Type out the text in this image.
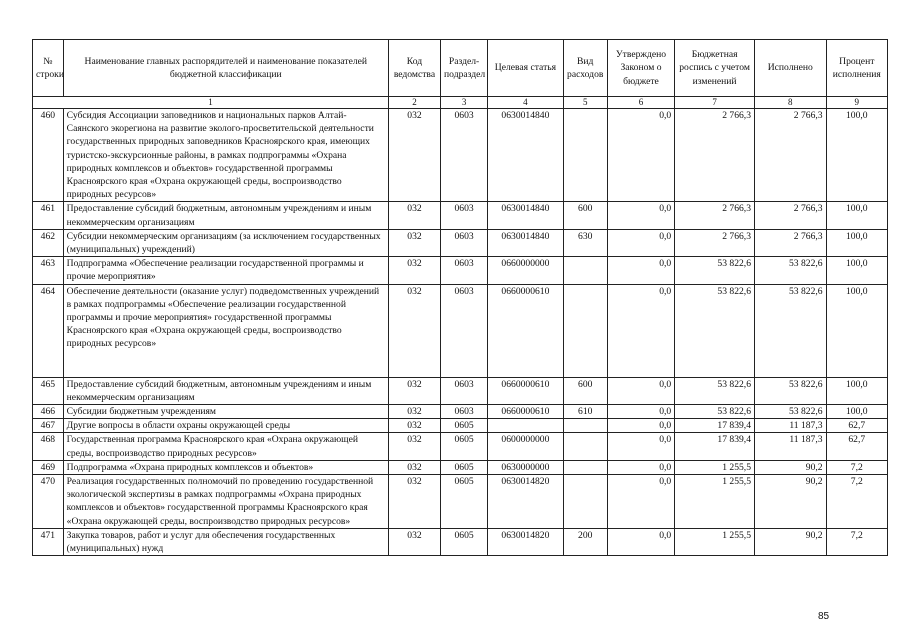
№ строки	Наименование главных распорядителей и наименование показателей бюджетной классификации	Код ведомства	Раздел-подраздел	Целевая статья	Вид расходов	Утверждено Законом о бюджете	Бюджетная роспись с учетом изменений	Исполнено	Процент исполнения
1		2	3	4	5	6	7	8	9
460	Субсидия Ассоциации заповедников и национальных парков Алтай-Саянского экорегиона на развитие эколого-просветительской деятельности государственных природных заповедников Красноярского края, имеющих туристско-экскурсионные районы, в рамках подпрограммы «Охрана природных комплексов и объектов» государственной программы Красноярского края «Охрана окружающей среды, воспроизводство природных ресурсов»	032	0603	0630014840		0,0	2 766,3	2 766,3	100,0
461	Предоставление субсидий бюджетным, автономным учреждениям и иным некоммерческим организациям	032	0603	0630014840	600	0,0	2 766,3	2 766,3	100,0
462	Субсидии некоммерческим организациям (за исключением государственных (муниципальных) учреждений)	032	0603	0630014840	630	0,0	2 766,3	2 766,3	100,0
463	Подпрограмма «Обеспечение реализации государственной программы и прочие мероприятия»	032	0603	0660000000		0,0	53 822,6	53 822,6	100,0
464	Обеспечение деятельности (оказание услуг) подведомственных учреждений в рамках подпрограммы «Обеспечение реализации государственной программы и прочие мероприятия» государственной программы Красноярского края «Охрана окружающей среды, воспроизводство природных ресурсов»	032	0603	0660000610		0,0	53 822,6	53 822,6	100,0
465	Предоставление субсидий бюджетным, автономным учреждениям и иным некоммерческим организациям	032	0603	0660000610	600	0,0	53 822,6	53 822,6	100,0
466	Субсидии бюджетным учреждениям	032	0603	0660000610	610	0,0	53 822,6	53 822,6	100,0
467	Другие вопросы в области охраны окружающей среды	032	0605			0,0	17 839,4	11 187,3	62,7
468	Государственная программа Красноярского края «Охрана окружающей среды, воспроизводство природных ресурсов»	032	0605	0600000000		0,0	17 839,4	11 187,3	62,7
469	Подпрограмма «Охрана природных комплексов и объектов»	032	0605	0630000000		0,0	1 255,5	90,2	7,2
470	Реализация государственных полномочий по проведению государственной экологической экспертизы в рамках подпрограммы «Охрана природных комплексов и объектов» государственной программы Красноярского края «Охрана окружающей среды, воспроизводство природных ресурсов»	032	0605	0630014820		0,0	1 255,5	90,2	7,2
471	Закупка товаров, работ и услуг для обеспечения государственных (муниципальных) нужд	032	0605	0630014820	200	0,0	1 255,5	90,2	7,2
85
